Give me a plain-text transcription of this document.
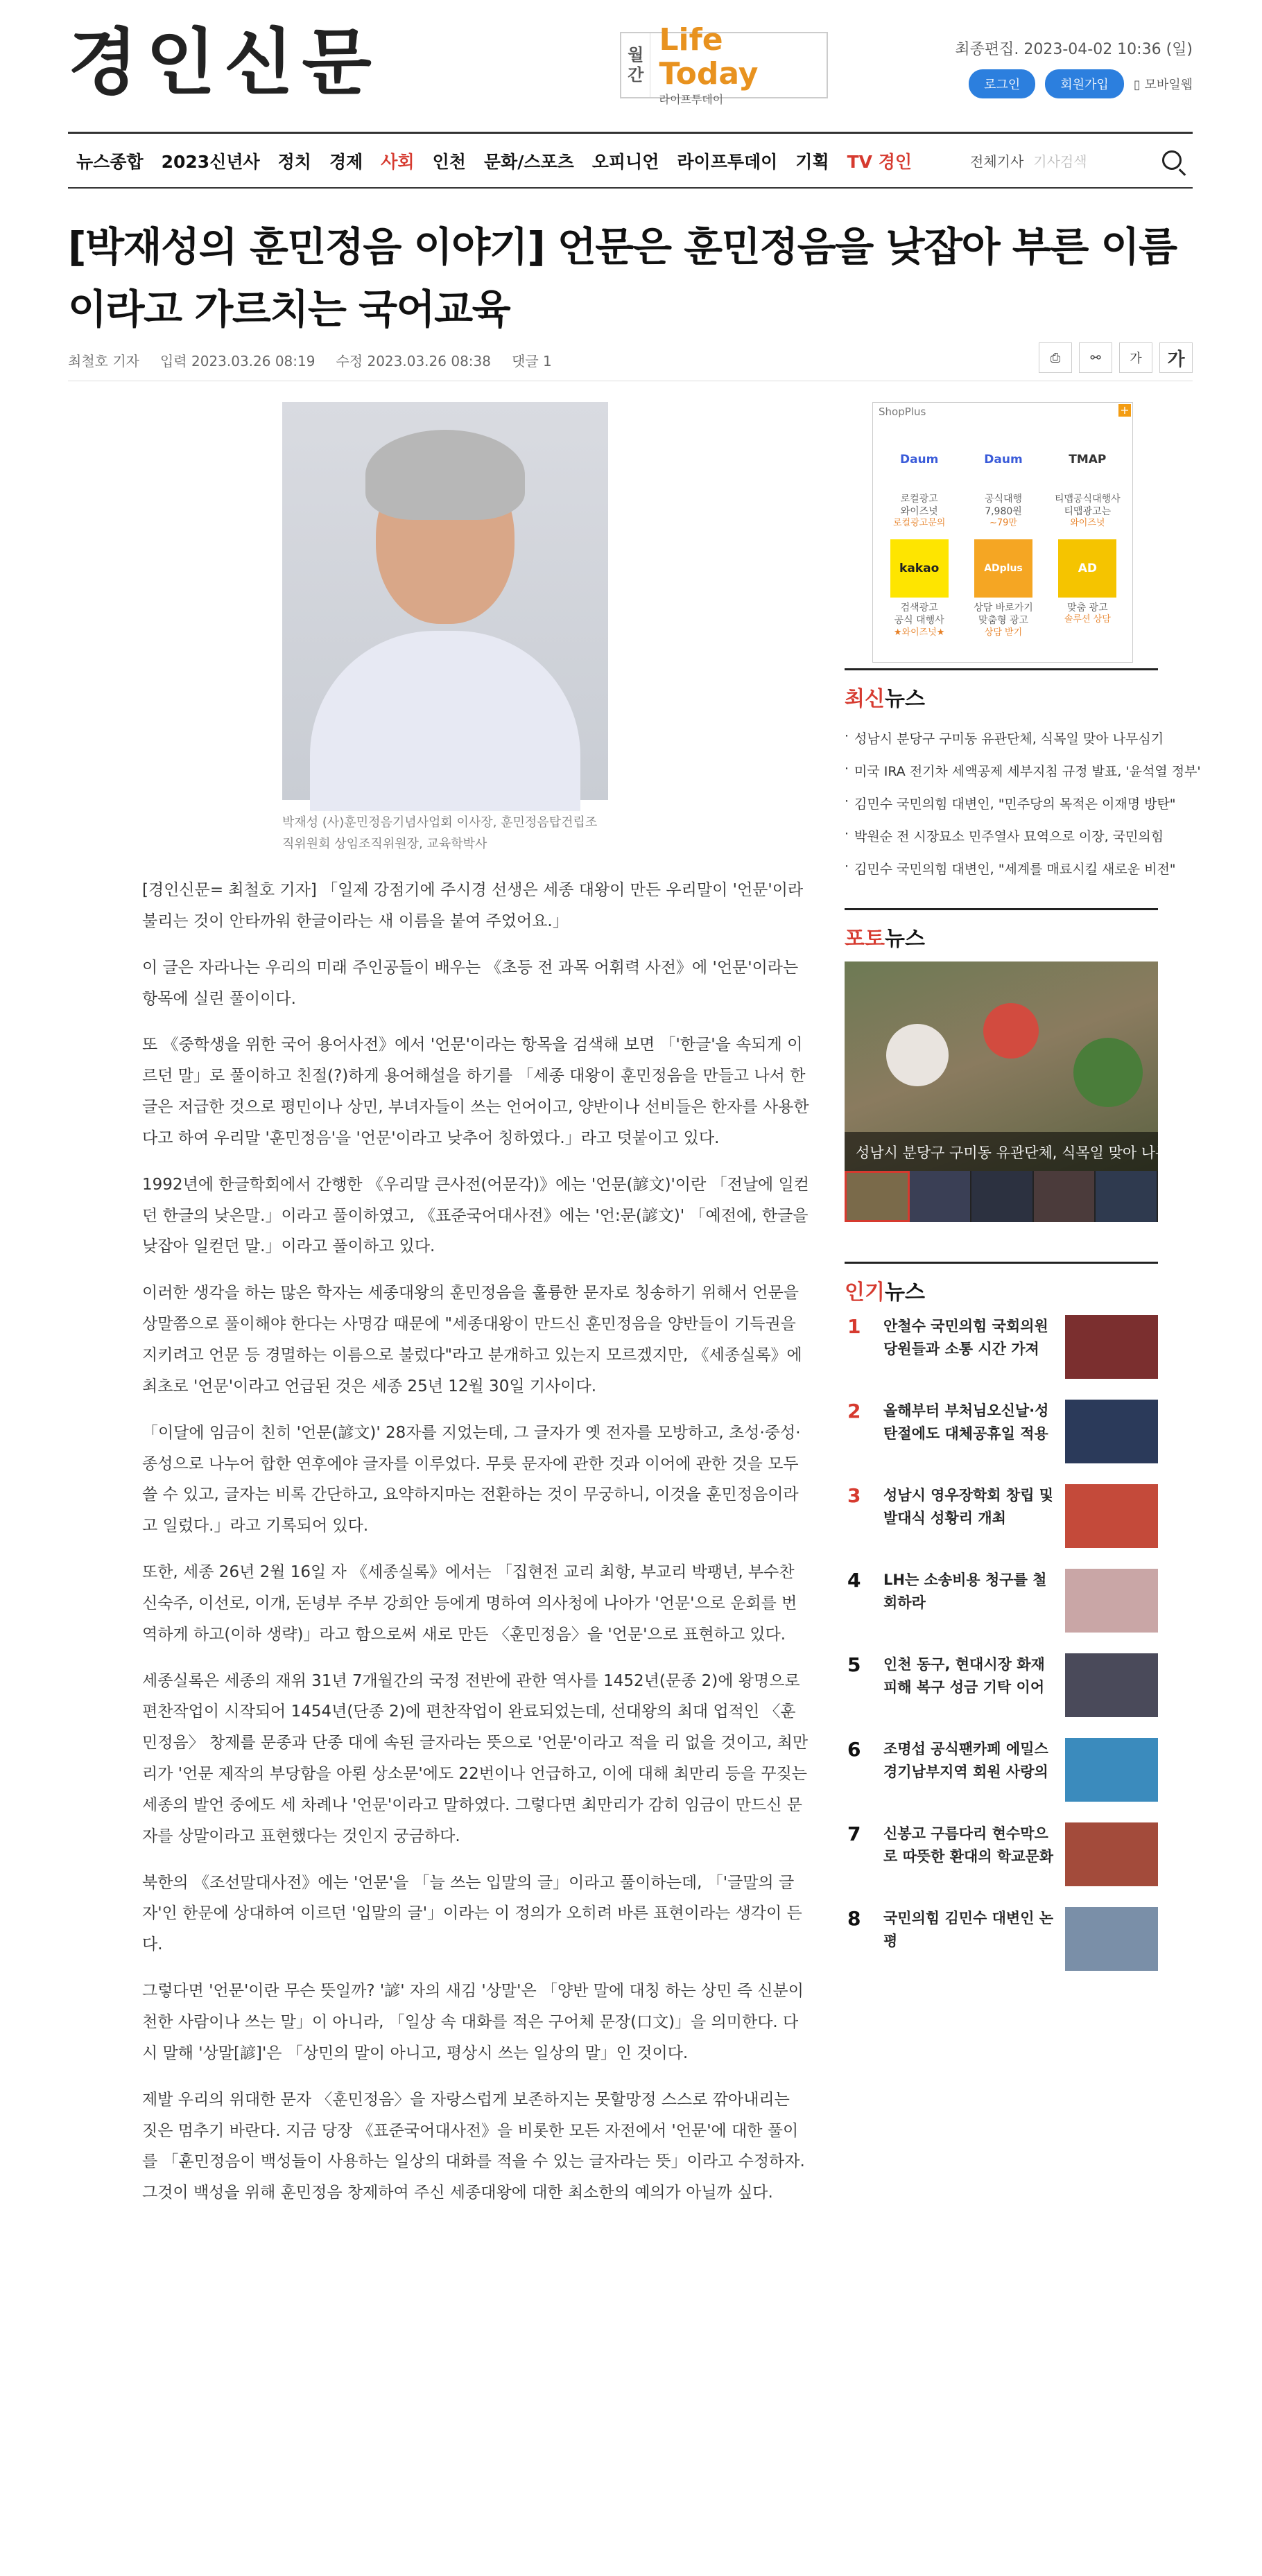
경인신문	월
간
Life Today
라이프투데이
최종편집. 2023-04-02 10:36 (일)
로그인	회원가입	▯ 모바일웹
뉴스종합 2023신년사 정치 경제 사회 인천 문화/스포츠 오피니언 라이프투데이 기획 TV 경인	전체기사 기사검색
[박재성의 훈민정음 이야기] 언문은 훈민정음을 낮잡아 부른 이름이라고 가르치는 국어교육
최철호 기자 입력 2023.03.26 08:19 수정 2023.03.26 08:38 댓글 1	⎙	⚯	가	가
박재성 (사)훈민정음기념사업회 이사장, 훈민정음탑건립조직위원회 상임조직위원장, 교육학박사

[경인신문= 최철호 기자] 「일제 강점기에 주시경 선생은 세종 대왕이 만든 우리말이 '언문'이라 불리는 것이 안타까워 한글이라는 새 이름을 붙여 주었어요.」

이 글은 자라나는 우리의 미래 주인공들이 배우는 《초등 전 과목 어휘력 사전》에 '언문'이라는 항목에 실린 풀이이다.

또 《중학생을 위한 국어 용어사전》에서 '언문'이라는 항목을 검색해 보면 「'한글'을 속되게 이르던 말」로 풀이하고 친절(?)하게 용어해설을 하기를 「세종 대왕이 훈민정음을 만들고 나서 한글은 저급한 것으로 평민이나 상민, 부녀자들이 쓰는 언어이고, 양반이나 선비들은 한자를 사용한다고 하여 우리말 '훈민정음'을 '언문'이라고 낮추어 칭하였다.」라고 덧붙이고 있다.

1992년에 한글학회에서 간행한 《우리말 큰사전(어문각)》에는 '언문(諺文)'이란 「전날에 일컫던 한글의 낮은말.」이라고 풀이하였고, 《표준국어대사전》에는 '언:문(諺文)' 「예전에, 한글을 낮잡아 일컫던 말.」이라고 풀이하고 있다.

이러한 생각을 하는 많은 학자는 세종대왕의 훈민정음을 훌륭한 문자로 칭송하기 위해서 언문을 상말쯤으로 풀이해야 한다는 사명감 때문에 "세종대왕이 만드신 훈민정음을 양반들이 기득권을 지키려고 언문 등 경멸하는 이름으로 불렀다"라고 분개하고 있는지 모르겠지만, 《세종실록》에 최초로 '언문'이라고 언급된 것은 세종 25년 12월 30일 기사이다.

「이달에 임금이 친히 '언문(諺文)' 28자를 지었는데, 그 글자가 옛 전자를 모방하고, 초성·중성·종성으로 나누어 합한 연후에야 글자를 이루었다. 무릇 문자에 관한 것과 이어에 관한 것을 모두 쓸 수 있고, 글자는 비록 간단하고, 요약하지마는 전환하는 것이 무궁하니, 이것을 훈민정음이라고 일렀다.」라고 기록되어 있다.

또한, 세종 26년 2월 16일 자 《세종실록》에서는 「집현전 교리 최항, 부교리 박팽년, 부수찬 신숙주, 이선로, 이개, 돈녕부 주부 강희안 등에게 명하여 의사청에 나아가 '언문'으로 운회를 번역하게 하고(이하 생략)」라고 함으로써 새로 만든 〈훈민정음〉을 '언문'으로 표현하고 있다.

세종실록은 세종의 재위 31년 7개월간의 국정 전반에 관한 역사를 1452년(문종 2)에 왕명으로 편찬작업이 시작되어 1454년(단종 2)에 편찬작업이 완료되었는데, 선대왕의 최대 업적인 〈훈민정음〉 창제를 문종과 단종 대에 속된 글자라는 뜻으로 '언문'이라고 적을 리 없을 것이고, 최만리가 '언문 제작의 부당함을 아뢴 상소문'에도 22번이나 언급하고, 이에 대해 최만리 등을 꾸짖는 세종의 발언 중에도 세 차례나 '언문'이라고 말하였다. 그렇다면 최만리가 감히 임금이 만드신 문자를 상말이라고 표현했다는 것인지 궁금하다.

북한의 《조선말대사전》에는 '언문'을 「늘 쓰는 입말의 글」이라고 풀이하는데, 「'글말의 글자'인 한문에 상대하여 이르던 '입말의 글'」이라는 이 정의가 오히려 바른 표현이라는 생각이 든다.

그렇다면 '언문'이란 무슨 뜻일까? '諺' 자의 새김 '상말'은 「양반 말에 대칭 하는 상민 즉 신분이 천한 사람이나 쓰는 말」이 아니라, 「일상 속 대화를 적은 구어체 문장(口文)」을 의미한다. 다시 말해 '상말[諺]'은 「상민의 말이 아니고, 평상시 쓰는 일상의 말」인 것이다.

제발 우리의 위대한 문자 〈훈민정음〉을 자랑스럽게 보존하지는 못할망정 스스로 깎아내리는 짓은 멈추기 바란다. 지금 당장 《표준국어대사전》을 비롯한 모든 자전에서 '언문'에 대한 풀이를 「훈민정음이 백성들이 사용하는 일상의 대화를 적을 수 있는 글자라는 뜻」이라고 수정하자. 그것이 백성을 위해 훈민정음 창제하여 주신 세종대왕에 대한 최소한의 예의가 아닐까 싶다.

ShopPlus	+
Daum
로컬광고
와이즈넛
로컬광고문의
Daum
공식대행
7,980원
~79만
TMAP
티맵공식대행사
티맵광고는
와이즈넛
kakao
검색광고
공식 대행사
★와이즈넛★
ADplus
상담 바로가기
맞춤형 광고
상담 받기
AD
맞춤 광고
솔루션 상담
최신뉴스
· 성남시 분당구 구미동 유관단체, 식목일 맞아 나무심기
· 미국 IRA 전기차 세액공제 세부지침 규정 발표, '윤석열 정부'
· 김민수 국민의힘 대변인, "민주당의 목적은 이재명 방탄"
· 박원순 전 시장묘소 민주열사 묘역으로 이장, 국민의힘
· 김민수 국민의힘 대변인, "세계를 매료시킬 새로운 비전"
포토뉴스
성남시 분당구 구미동 유관단체, 식목일 맞아 나무심기
인기뉴스
1	안철수 국민의힘 국회의원 당원들과 소통 시간 가져
2	올해부터 부처님오신날·성탄절에도 대체공휴일 적용
3	성남시 영우장학회 창립 및 발대식 성황리 개최
4	LH는 소송비용 청구를 철회하라
5	인천 동구, 현대시장 화재 피해 복구 성금 기탁 이어
6	조명섭 공식팬카페 에밀스 경기남부지역 회원 사랑의
7	신봉고 구름다리 현수막으로 따뜻한 환대의 학교문화
8	국민의힘 김민수 대변인 논평
